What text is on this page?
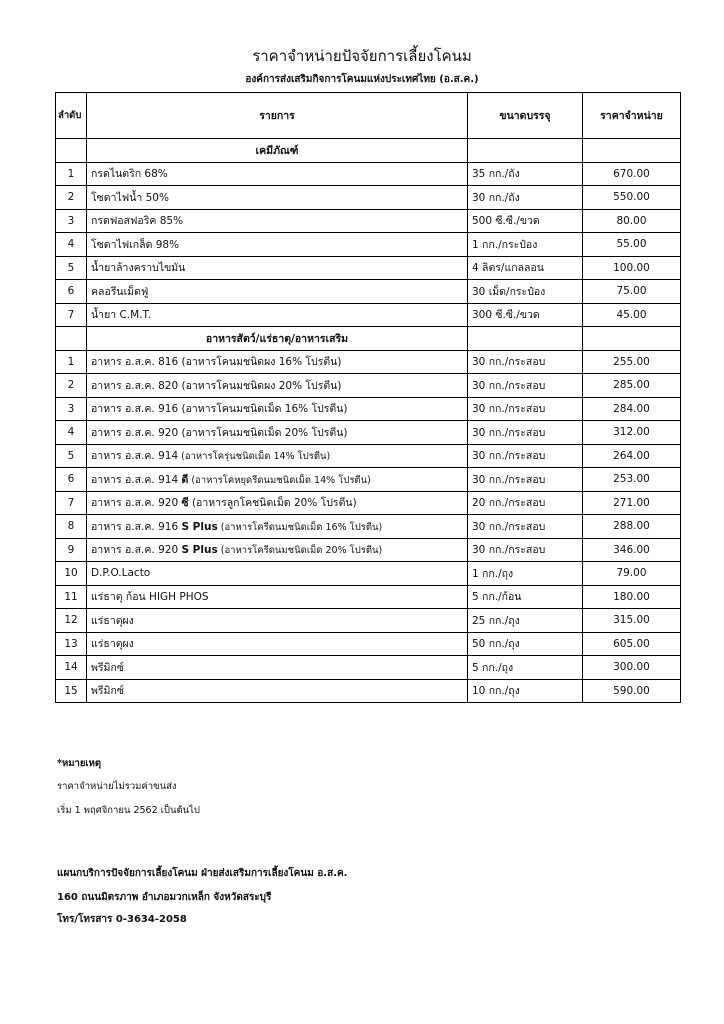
ราคาจำหน่ายปัจจัยการเลี้ยงโคนม
องค์การส่งเสริมกิจการโคนมแห่งประเทศไทย (อ.ส.ค.)
ลำดับ	รายการ	ขนาดบรรจุ	ราคาจำหน่าย
	เคมีภัณฑ์		
1	กรดไนตริก 68%	35 กก./ถัง	670.00
2	โซดาไฟน้ำ 50%	30 กก./ถัง	550.00
3	กรดฟอสฟอริค 85%	500 ซี.ซี./ขวด	80.00
4	โซดาไฟเกล็ด 98%	1 กก./กระป๋อง	55.00
5	น้ำยาล้างคราบไขมัน	4 ลิตร/แกลลอน	100.00
6	คลอรีนเม็ดฟู่	30 เม็ด/กระป๋อง	75.00
7	น้ำยา C.M.T.	300 ซี.ซี./ขวด	45.00
	อาหารสัตว์/แร่ธาตุ/อาหารเสริม		
1	อาหาร อ.ส.ค. 816 (อาหารโคนมชนิดผง 16% โปรตีน)	30 กก./กระสอบ	255.00
2	อาหาร อ.ส.ค. 820 (อาหารโคนมชนิดผง 20% โปรตีน)	30 กก./กระสอบ	285.00
3	อาหาร อ.ส.ค. 916 (อาหารโคนมชนิดเม็ด 16% โปรตีน)	30 กก./กระสอบ	284.00
4	อาหาร อ.ส.ค. 920 (อาหารโคนมชนิดเม็ด 20% โปรตีน)	30 กก./กระสอบ	312.00
5	อาหาร อ.ส.ค. 914 (อาหารโครุ่นชนิดเม็ด 14% โปรตีน)	30 กก./กระสอบ	264.00
6	อาหาร อ.ส.ค. 914 ดี (อาหารโคหยุดรีดนมชนิดเม็ด 14% โปรตีน)	30 กก./กระสอบ	253.00
7	อาหาร อ.ส.ค. 920 ซี (อาหารลูกโคชนิดเม็ด 20% โปรตีน)	20 กก./กระสอบ	271.00
8	อาหาร อ.ส.ค. 916 S Plus (อาหารโครีดนมชนิดเม็ด 16% โปรตีน)	30 กก./กระสอบ	288.00
9	อาหาร อ.ส.ค. 920 S Plus (อาหารโครีดนมชนิดเม็ด 20% โปรตีน)	30 กก./กระสอบ	346.00
10	D.P.O.Lacto	1 กก./ถุง	79.00
11	แร่ธาตุ ก้อน HIGH PHOS	5 กก./ก้อน	180.00
12	แร่ธาตุผง	25 กก./ถุง	315.00
13	แร่ธาตุผง	50 กก./ถุง	605.00
14	พรีมิกซ์	5 กก./ถุง	300.00
15	พรีมิกซ์	10 กก./ถุง	590.00
*หมายเหตุ
ราคาจำหน่ายไม่รวมค่าขนส่ง
เริ่ม 1 พฤศจิกายน 2562 เป็นต้นไป
แผนกบริการปัจจัยการเลี้ยงโคนม ฝ่ายส่งเสริมการเลี้ยงโคนม อ.ส.ค.
160 ถนนมิตรภาพ อำเภอมวกเหล็ก จังหวัดสระบุรี
โทร/โทรสาร 0-3634-2058
